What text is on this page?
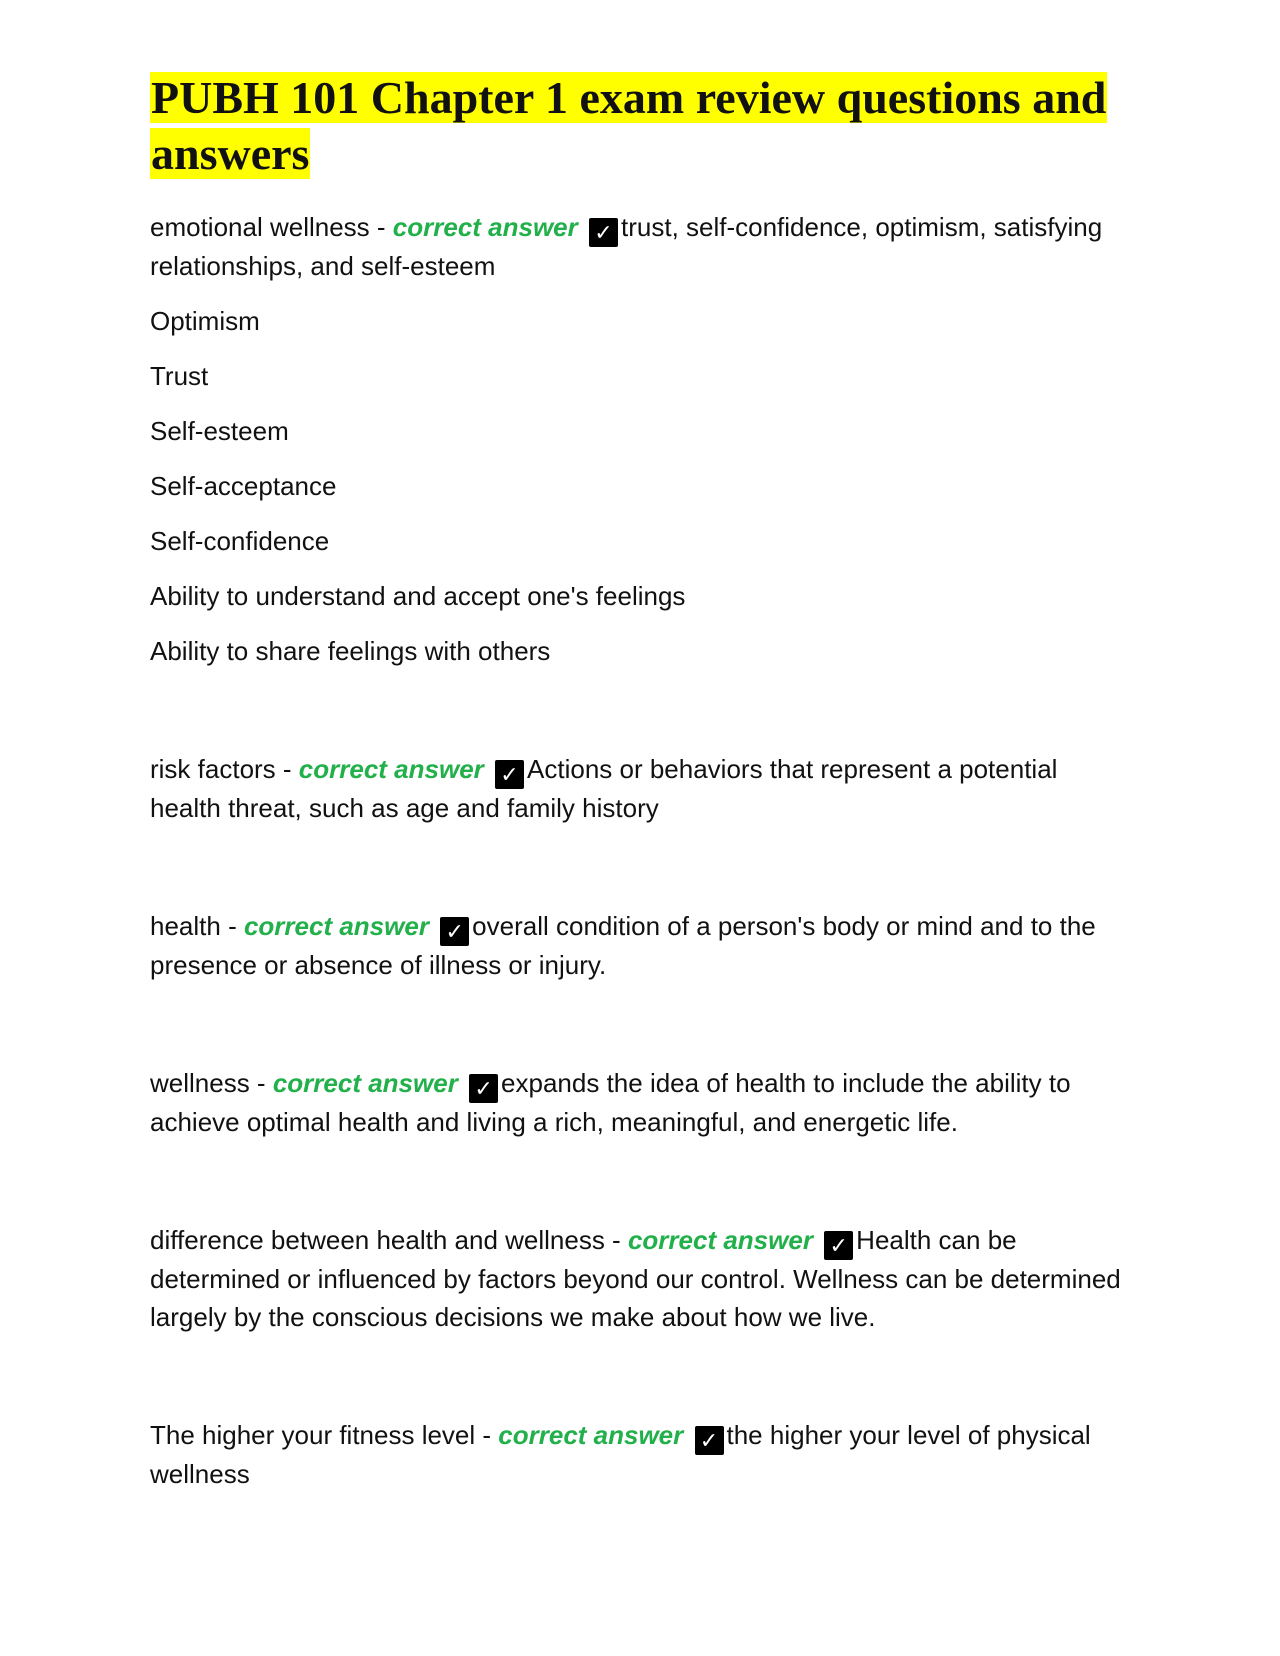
PUBH 101 Chapter 1 exam review questions and answers

emotional wellness - correct answer ✓ trust, self-confidence, optimism, satisfying relationships, and self-esteem

Optimism
Trust
Self-esteem
Self-acceptance
Self-confidence
Ability to understand and accept one's feelings
Ability to share feelings with others

risk factors - correct answer ✓ Actions or behaviors that represent a potential health threat, such as age and family history

health - correct answer ✓ overall condition of a person's body or mind and to the presence or absence of illness or injury.

wellness - correct answer ✓ expands the idea of health to include the ability to achieve optimal health and living a rich, meaningful, and energetic life.

difference between health and wellness - correct answer ✓ Health can be determined or influenced by factors beyond our control. Wellness can be determined largely by the conscious decisions we make about how we live.

The higher your fitness level - correct answer ✓ the higher your level of physical wellness
